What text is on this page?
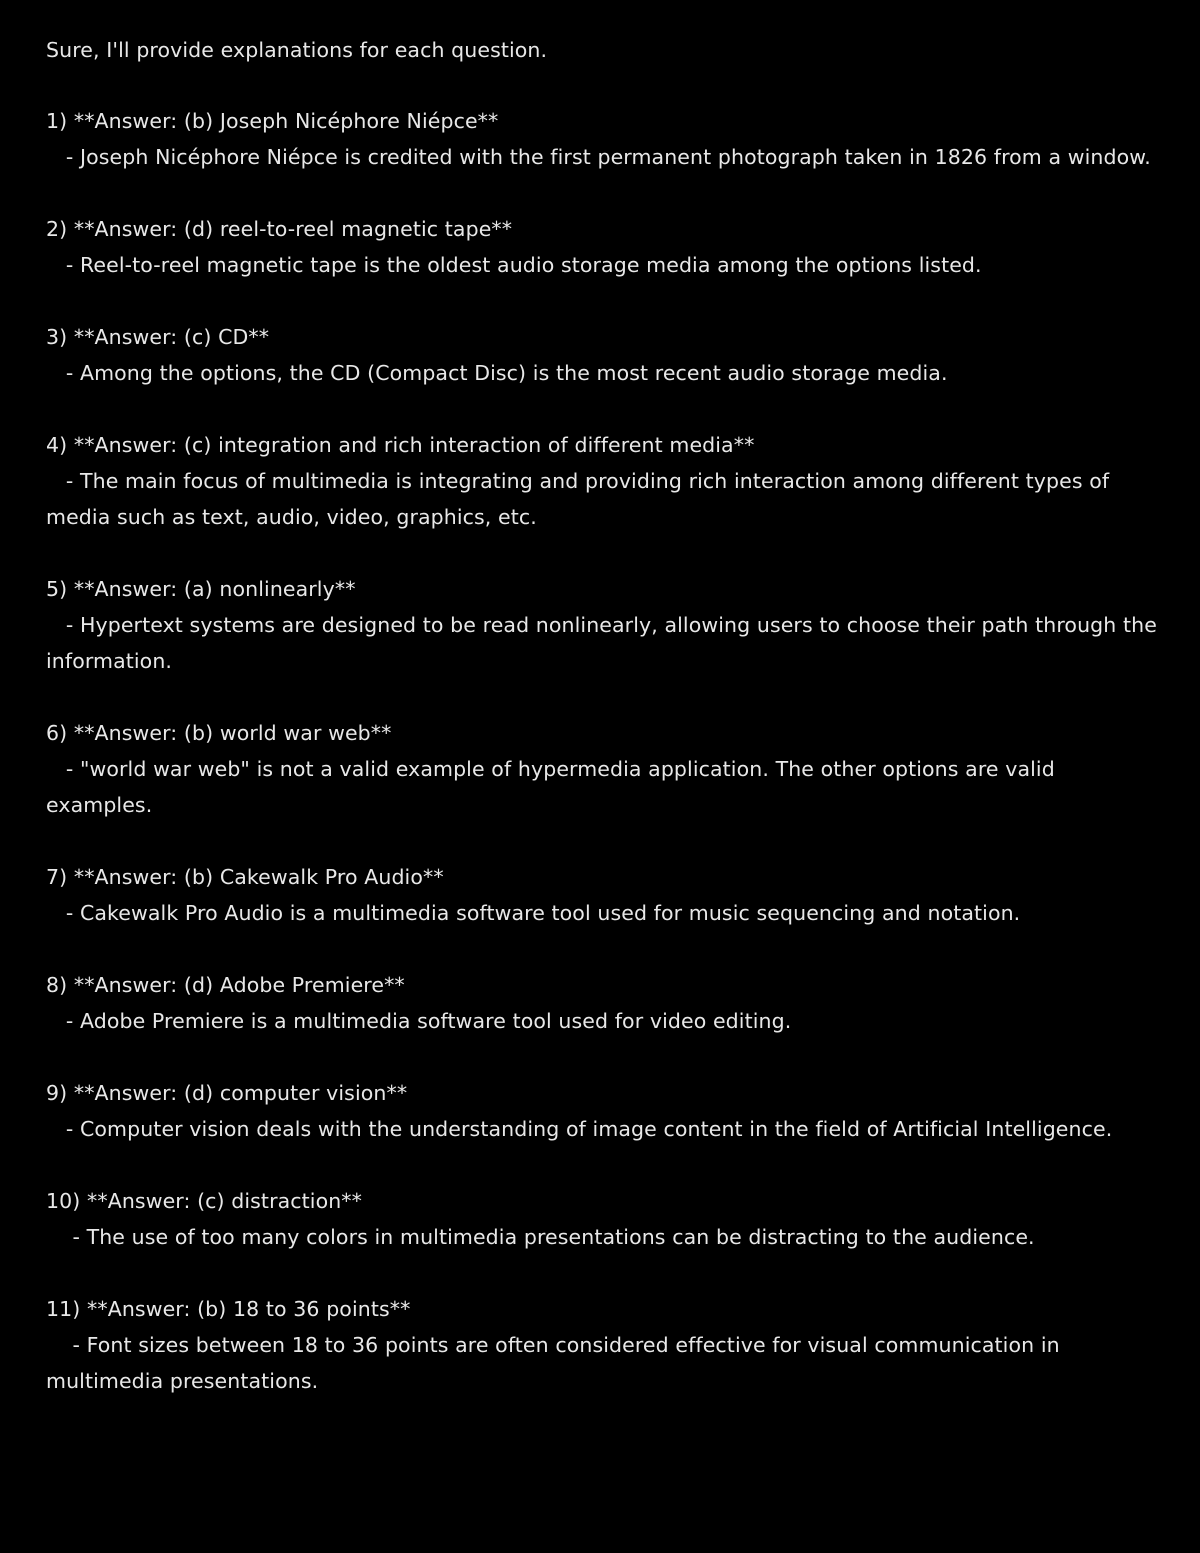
Sure, I'll provide explanations for each question.
1) **Answer: (b) Joseph Nicéphore Niépce**
- Joseph Nicéphore Niépce is credited with the first permanent photograph taken in 1826 from a window.
2) **Answer: (d) reel-to-reel magnetic tape**
- Reel-to-reel magnetic tape is the oldest audio storage media among the options listed.
3) **Answer: (c) CD**
- Among the options, the CD (Compact Disc) is the most recent audio storage media.
4) **Answer: (c) integration and rich interaction of different media**
- The main focus of multimedia is integrating and providing rich interaction among different types of media such as text, audio, video, graphics, etc.
5) **Answer: (a) nonlinearly**
- Hypertext systems are designed to be read nonlinearly, allowing users to choose their path through the information.
6) **Answer: (b) world war web**
- "world war web" is not a valid example of hypermedia application. The other options are valid examples.
7) **Answer: (b) Cakewalk Pro Audio**
- Cakewalk Pro Audio is a multimedia software tool used for music sequencing and notation.
8) **Answer: (d) Adobe Premiere**
- Adobe Premiere is a multimedia software tool used for video editing.
9) **Answer: (d) computer vision**
- Computer vision deals with the understanding of image content in the field of Artificial Intelligence.
10) **Answer: (c) distraction**
- The use of too many colors in multimedia presentations can be distracting to the audience.
11) **Answer: (b) 18 to 36 points**
- Font sizes between 18 to 36 points are often considered effective for visual communication in multimedia presentations.
